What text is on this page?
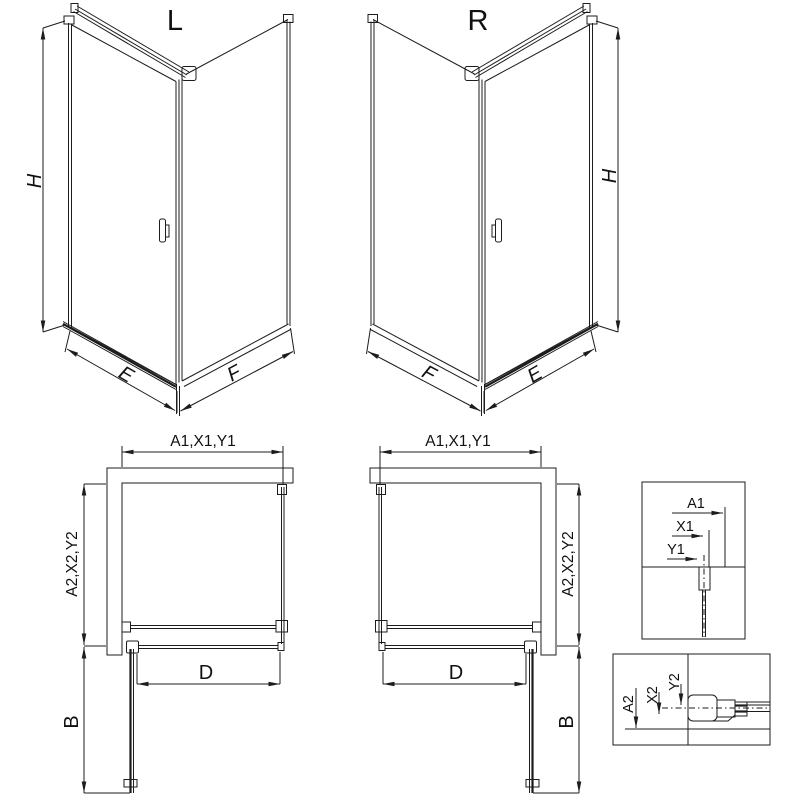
L	R
H	H
E	F	F	E
A1,X1,Y1	A1,X1,Y1
A2,X2,Y2	A2,X2,Y2
B	B
D	D
A1
X1
Y1
A2
X2
Y2
